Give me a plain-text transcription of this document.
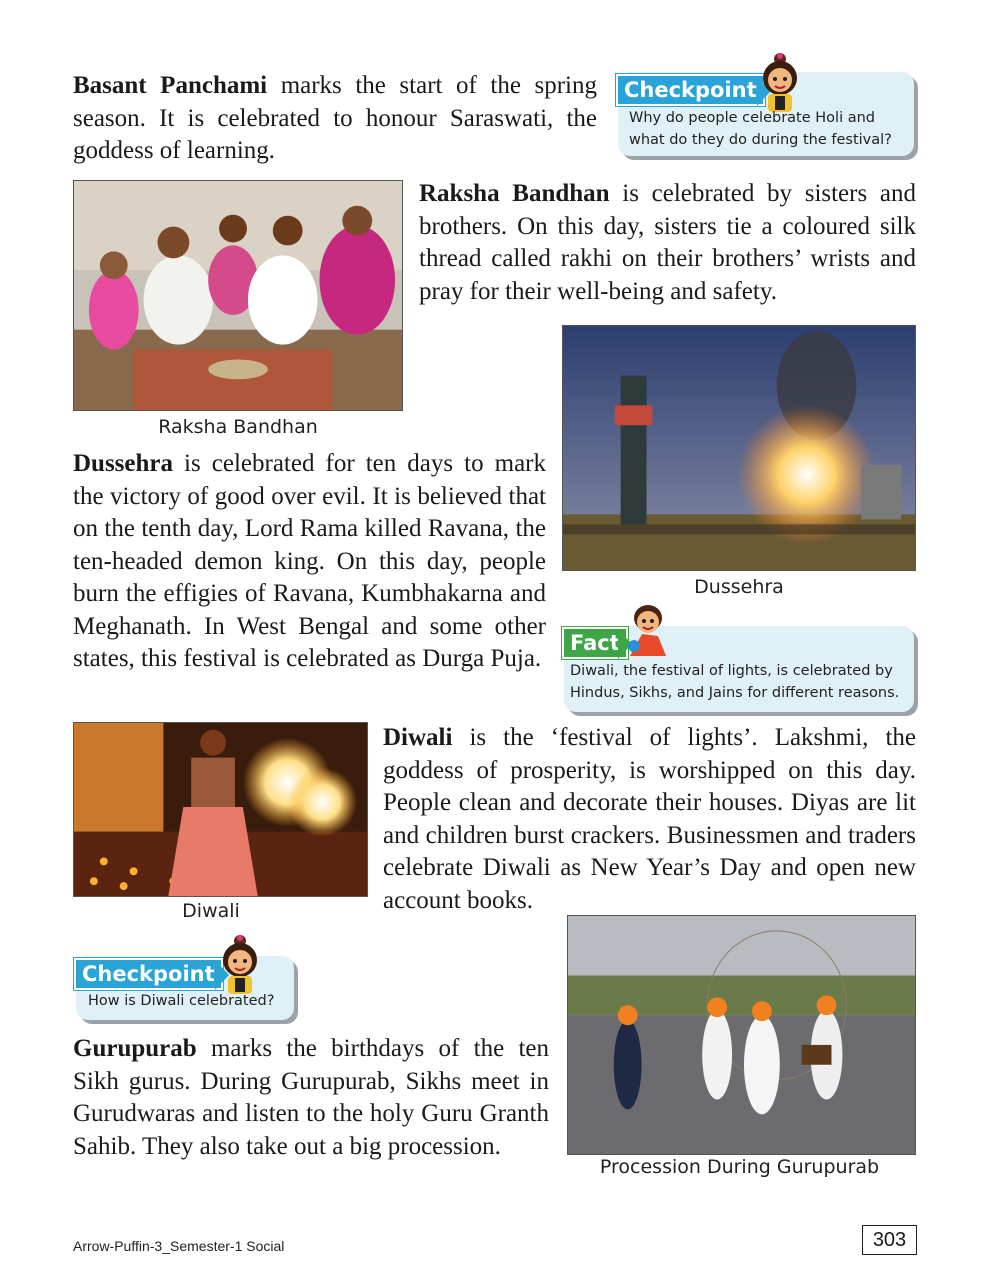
Basant Panchami marks the start of the spring season. It is celebrated to honour Saraswati, the goddess of learning.

Checkpoint
Why do people celebrate Holi and what do they do during the festival?
Raksha Bandhan

Raksha Bandhan is celebrated by sisters and brothers. On this day, sisters tie a coloured silk thread called rakhi on their brothers’ wrists and pray for their well-being and safety.

Dussehra

Dussehra is celebrated for ten days to mark the victory of good over evil. It is believed that on the tenth day, Lord Rama killed Ravana, the ten-headed demon king. On this day, people burn the effigies of Ravana, Kumbhakarna and Meghanath. In West Bengal and some other states, this festival is celebrated as Durga Puja.

Fact
Diwali, the festival of lights, is celebrated by Hindus, Sikhs, and Jains for different reasons.
Diwali

Diwali is the ‘festival of lights’. Lakshmi, the goddess of prosperity, is worshipped on this day. People clean and decorate their houses. Diyas are lit and children burst crackers. Businessmen and traders celebrate Diwali as New Year’s Day and open new account books.

Checkpoint
How is Diwali celebrated?

Gurupurab marks the birthdays of the ten Sikh gurus. During Gurupurab, Sikhs meet in Gurudwaras and listen to the holy Guru Granth Sahib. They also take out a big procession.

Procession During Gurupurab
Arrow-Puffin-3_Semester-1 Social	303
